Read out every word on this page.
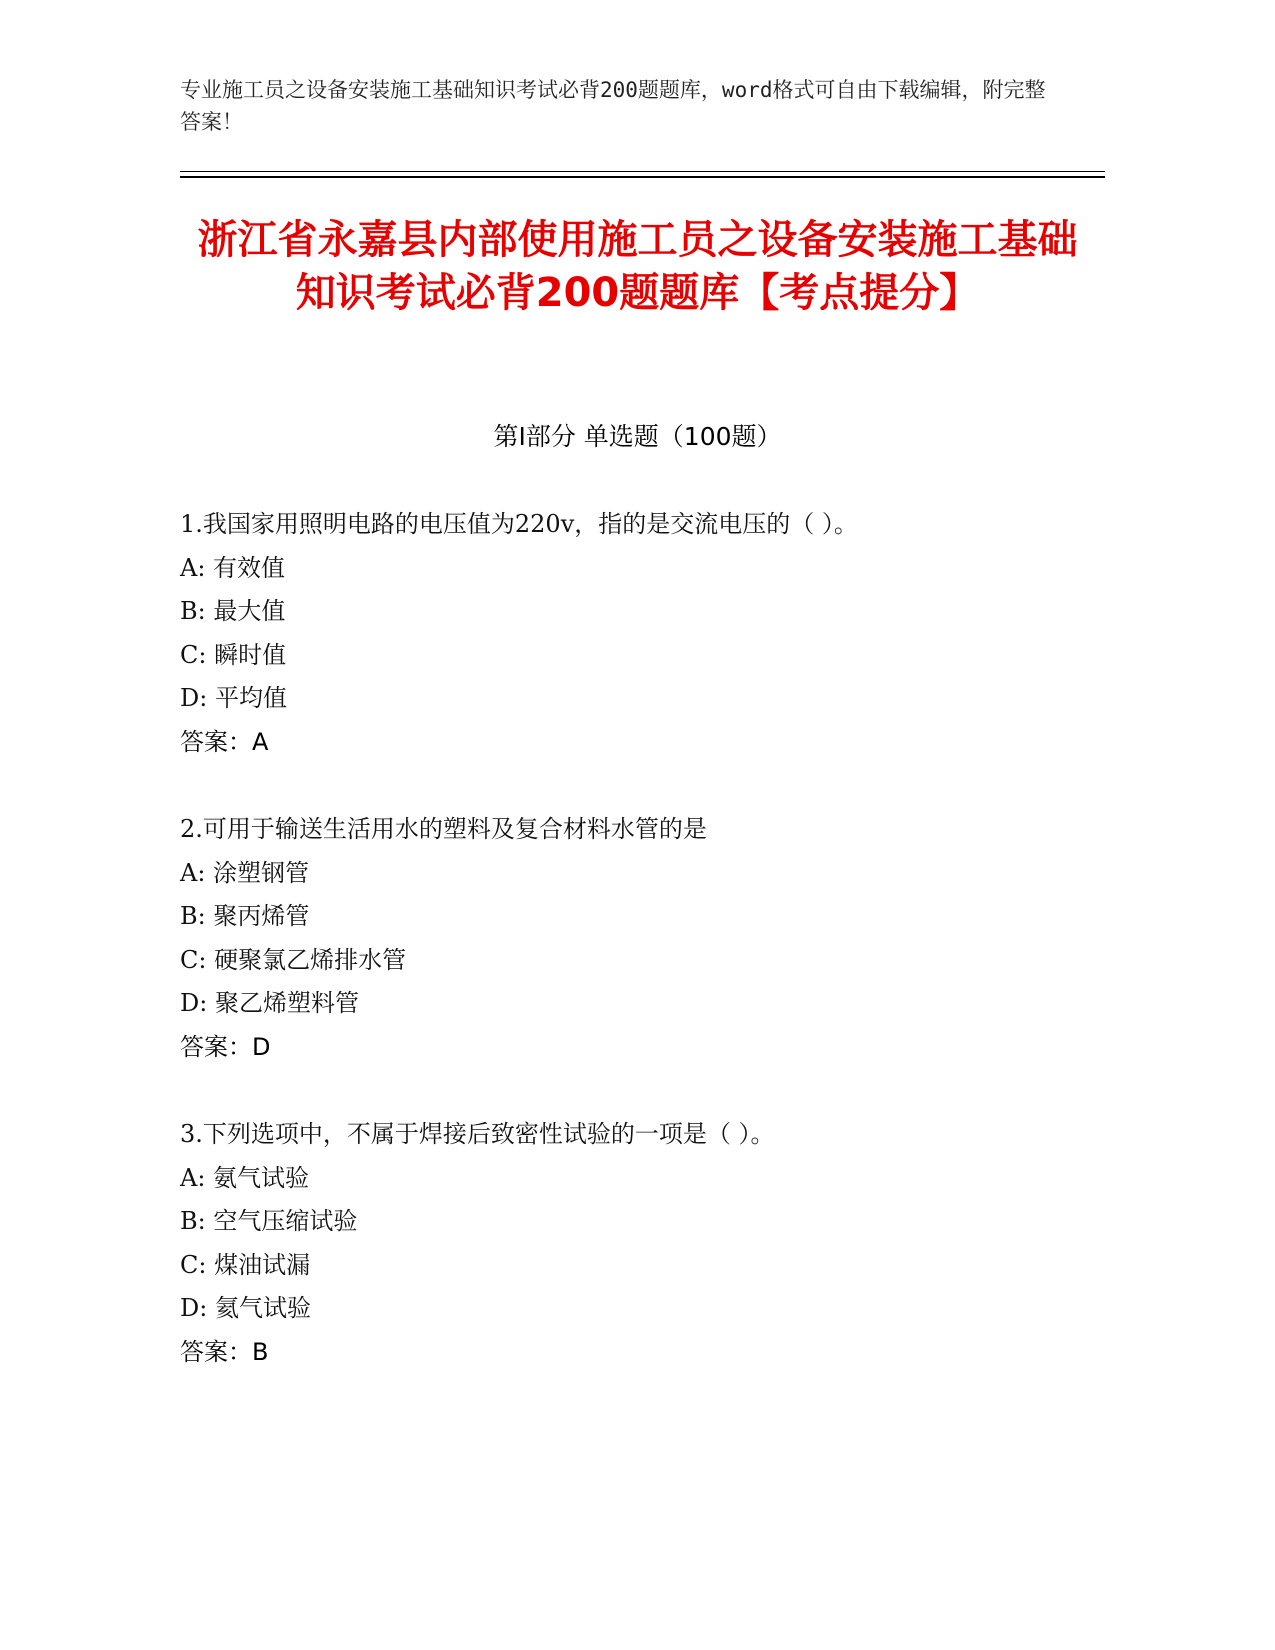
专业施工员之设备安装施工基础知识考试必背200题题库，word格式可自由下载编辑，附完整答案！
浙江省永嘉县内部使用施工员之设备安装施工基础知识考试必背200题题库【考点提分】
第Ⅰ部分 单选题（100题）
1.我国家用照明电路的电压值为220v，指的是交流电压的（ ）。
A: 有效值
B: 最大值
C: 瞬时值
D: 平均值
答案：A
2.可用于输送生活用水的塑料及复合材料水管的是
A: 涂塑钢管
B: 聚丙烯管
C: 硬聚氯乙烯排水管
D: 聚乙烯塑料管
答案：D
3.下列选项中，不属于焊接后致密性试验的一项是（ ）。
A: 氨气试验
B: 空气压缩试验
C: 煤油试漏
D: 氦气试验
答案：B
